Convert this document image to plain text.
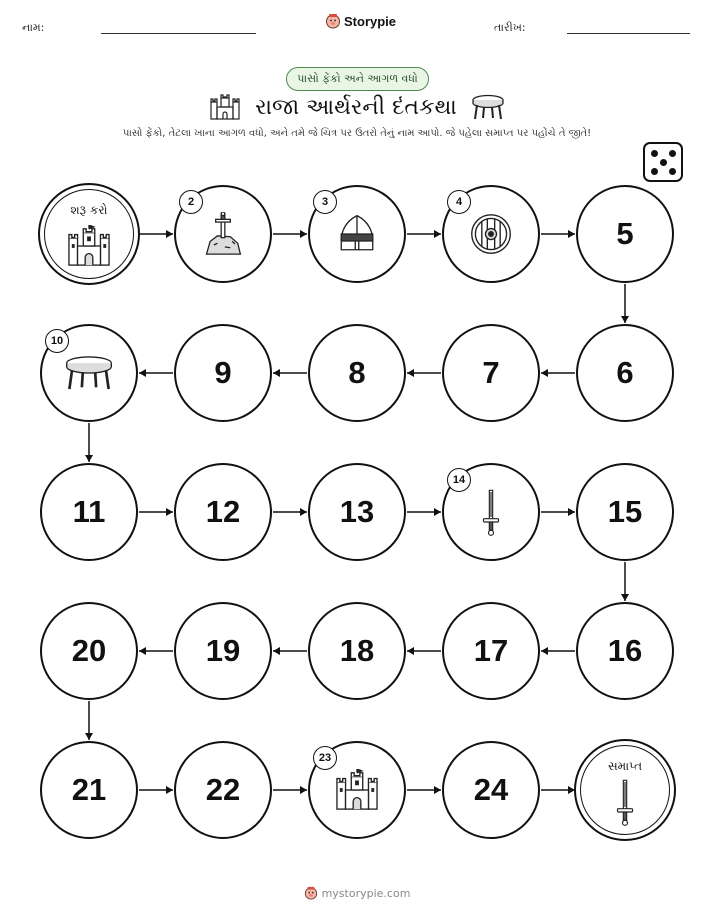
નામ:	Storypie	તારીખ:
પાસો ફેંકો અને આગળ વધો
રાજા આર્થરની દંતકથા
પાસો ફેંકો, તેટલા ખાના આગળ વધો, અને તમે જે ચિત્ર પર ઉતરો તેનું નામ આપો. જે પહેલા સમાપ્ત પર પહોંચે તે જીતે!
શરૂ કરો
2	3	4
5
6
7
8
9
10
11	12	13
14
15
16
17
18
19
20
21	22
23
24
સમાપ્ત
mystorypie.com
